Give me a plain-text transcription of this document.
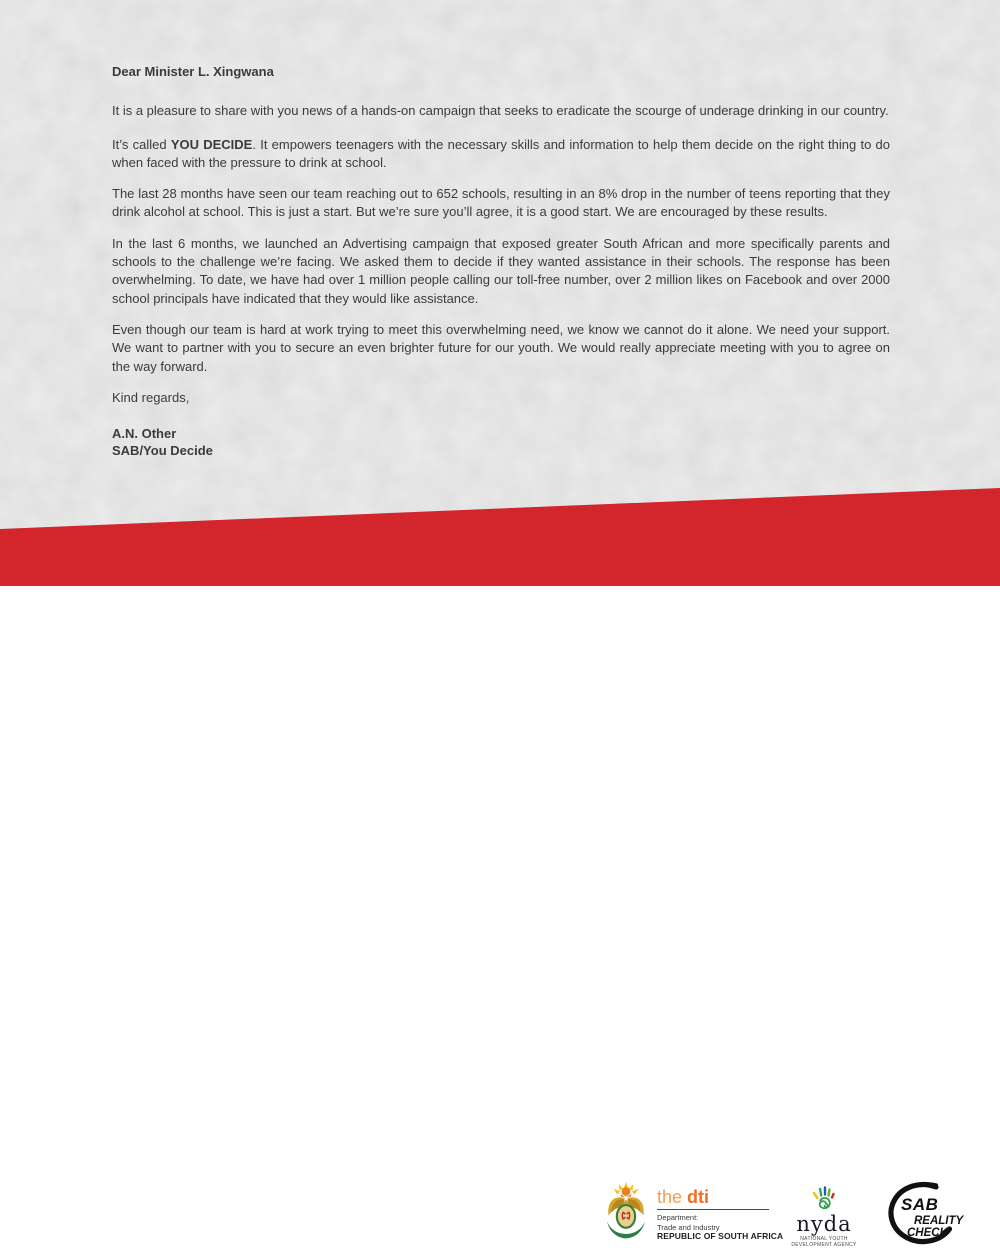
Dear Minister L. Xingwana

It is a pleasure to share with you news of a hands-on campaign that seeks to eradicate the scourge of underage drinking in our country.

It’s called YOU DECIDE. It empowers teenagers with the necessary skills and information to help them decide on the right thing to do when faced with the pressure to drink at school.

The last 28 months have seen our team reaching out to 652 schools, resulting in an 8% drop in the number of teens reporting that they drink alcohol at school. This is just a start. But we’re sure you’ll agree, it is a good start. We are encouraged by these results.

In the last 6 months, we launched an Advertising campaign that exposed greater South African and more specifically parents and schools to the challenge we’re facing. We asked them to decide if they wanted assistance in their schools. The response has been overwhelming. To date, we have had over 1 million people calling our toll-free number, over 2 million likes on Facebook and over 2000 school principals have indicated that they would like assistance.

Even though our team is hard at work trying to meet this overwhelming need, we know we cannot do it alone. We need your support. We want to partner with you to secure an even brighter future for our youth. We would really appreciate meeting with you to agree on the way forward.

Kind regards,

A.N. Other
SAB/You Decide
the dti
Department:
Trade and Industry
REPUBLIC OF SOUTH AFRICA nyda
NATIONAL YOUTH DEVELOPMENT AGENCY
SAB
REALITY
CHECK
